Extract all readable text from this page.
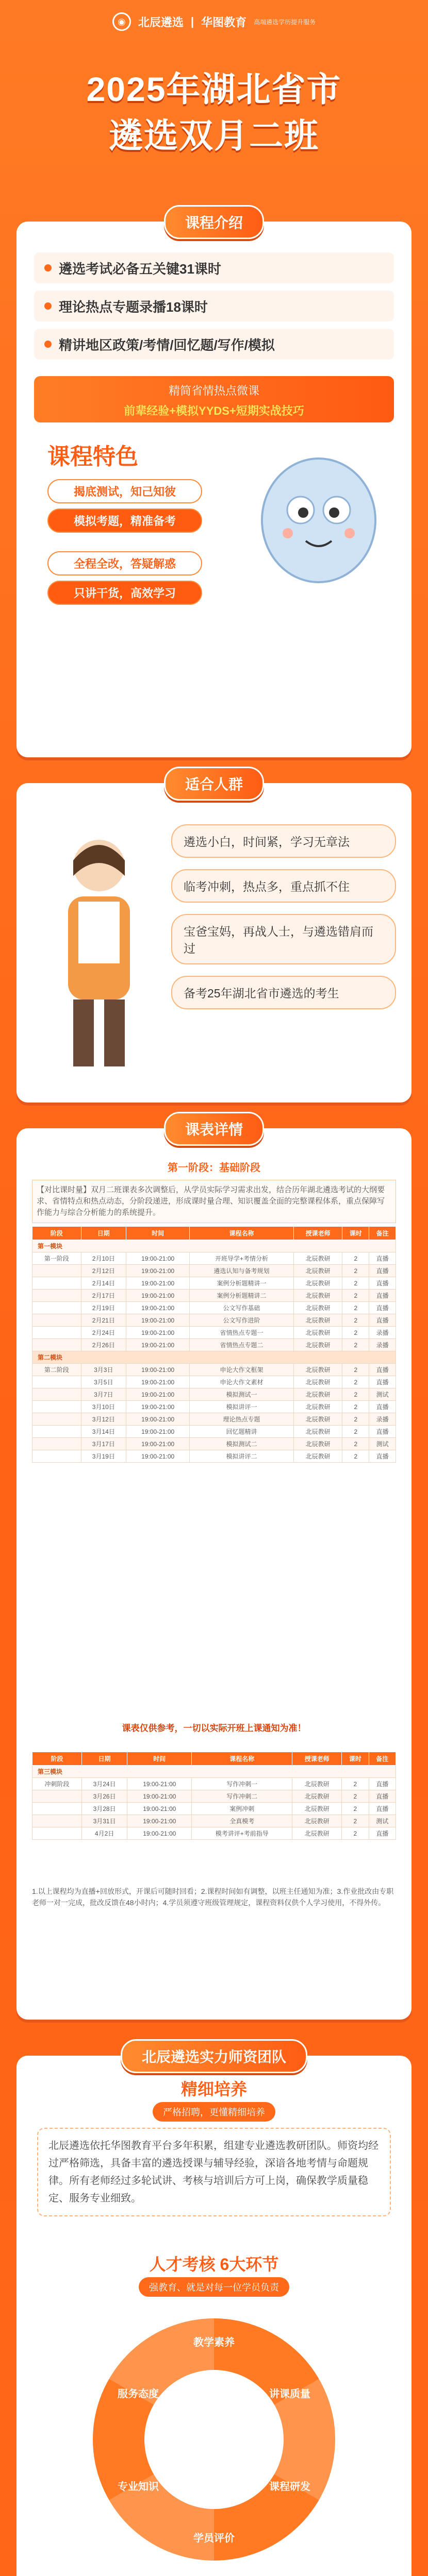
◉	北辰遴选 | 华图教育 高端遴选学历提升服务
2025年湖北省市
遴选双月二班
课程介绍
遴选考试必备五关键31课时
理论热点专题录播18课时
精讲地区政策/考情/回忆题/写作/模拟
精简省情热点微课
前辈经验+模拟YYDS+短期实战技巧
课程特色
揭底测试，知己知彼
模拟考题，精准备考
全程全改，答疑解惑
只讲干货，高效学习
适合人群
遴选小白，时间紧，学习无章法
临考冲刺，热点多，重点抓不住
宝爸宝妈，再战人士，与遴选错肩而过
备考25年湖北省市遴选的考生
课表详情
第一阶段：基础阶段
【对比课时量】双月二班课表多次调整后，从学员实际学习需求出发，结合历年湖北遴选考试的大纲要求、省情特点和热点动态，分阶段递进，形成课时量合理、知识覆盖全面的完整课程体系，重点保障写作能力与综合分析能力的系统提升。
阶段	日期	时间	课程名称	授课老师	课时	备注
第一模块						
第一阶段	2月10日	19:00-21:00	开班导学+考情分析	北辰教研	2	直播
	2月12日	19:00-21:00	遴选认知与备考规划	北辰教研	2	直播
	2月14日	19:00-21:00	案例分析题精讲一	北辰教研	2	直播
	2月17日	19:00-21:00	案例分析题精讲二	北辰教研	2	直播
	2月19日	19:00-21:00	公文写作基础	北辰教研	2	直播
	2月21日	19:00-21:00	公文写作进阶	北辰教研	2	直播
	2月24日	19:00-21:00	省情热点专题一	北辰教研	2	录播
	2月26日	19:00-21:00	省情热点专题二	北辰教研	2	录播
第二模块						
第二阶段	3月3日	19:00-21:00	申论大作文框架	北辰教研	2	直播
	3月5日	19:00-21:00	申论大作文素材	北辰教研	2	直播
	3月7日	19:00-21:00	模拟测试一	北辰教研	2	测试
	3月10日	19:00-21:00	模拟讲评一	北辰教研	2	直播
	3月12日	19:00-21:00	理论热点专题	北辰教研	2	录播
	3月14日	19:00-21:00	回忆题精讲	北辰教研	2	直播
	3月17日	19:00-21:00	模拟测试二	北辰教研	2	测试
	3月19日	19:00-21:00	模拟讲评二	北辰教研	2	直播
课表仅供参考，一切以实际开班上课通知为准！
阶段	日期	时间	课程名称	授课老师	课时	备注
第三模块						
冲刺阶段	3月24日	19:00-21:00	写作冲刺一	北辰教研	2	直播
	3月26日	19:00-21:00	写作冲刺二	北辰教研	2	直播
	3月28日	19:00-21:00	案例冲刺	北辰教研	2	直播
	3月31日	19:00-21:00	全真模考	北辰教研	2	测试
	4月2日	19:00-21:00	模考讲评+考前指导	北辰教研	2	直播
1.以上课程均为直播+回放形式，开课后可随时回看；2.课程时间如有调整，以班主任通知为准；3.作业批改由专职老师一对一完成，批改反馈在48小时内；4.学员须遵守班级管理规定，课程资料仅供个人学习使用，不得外传。
北辰遴选实力师资团队
精细培养
严格招聘，更懂精细培养
北辰遴选依托华图教育平台多年积累，组建专业遴选教研团队。师资均经过严格筛选，具备丰富的遴选授课与辅导经验，深谙各地考情与命题规律。所有老师经过多轮试讲、考核与培训后方可上岗，确保教学质量稳定、服务专业细致。
人才考核 6大环节
强教育、就是对每一位学员负责
教学素养
讲课质量
课程研发
学员评价
专业知识
服务态度
